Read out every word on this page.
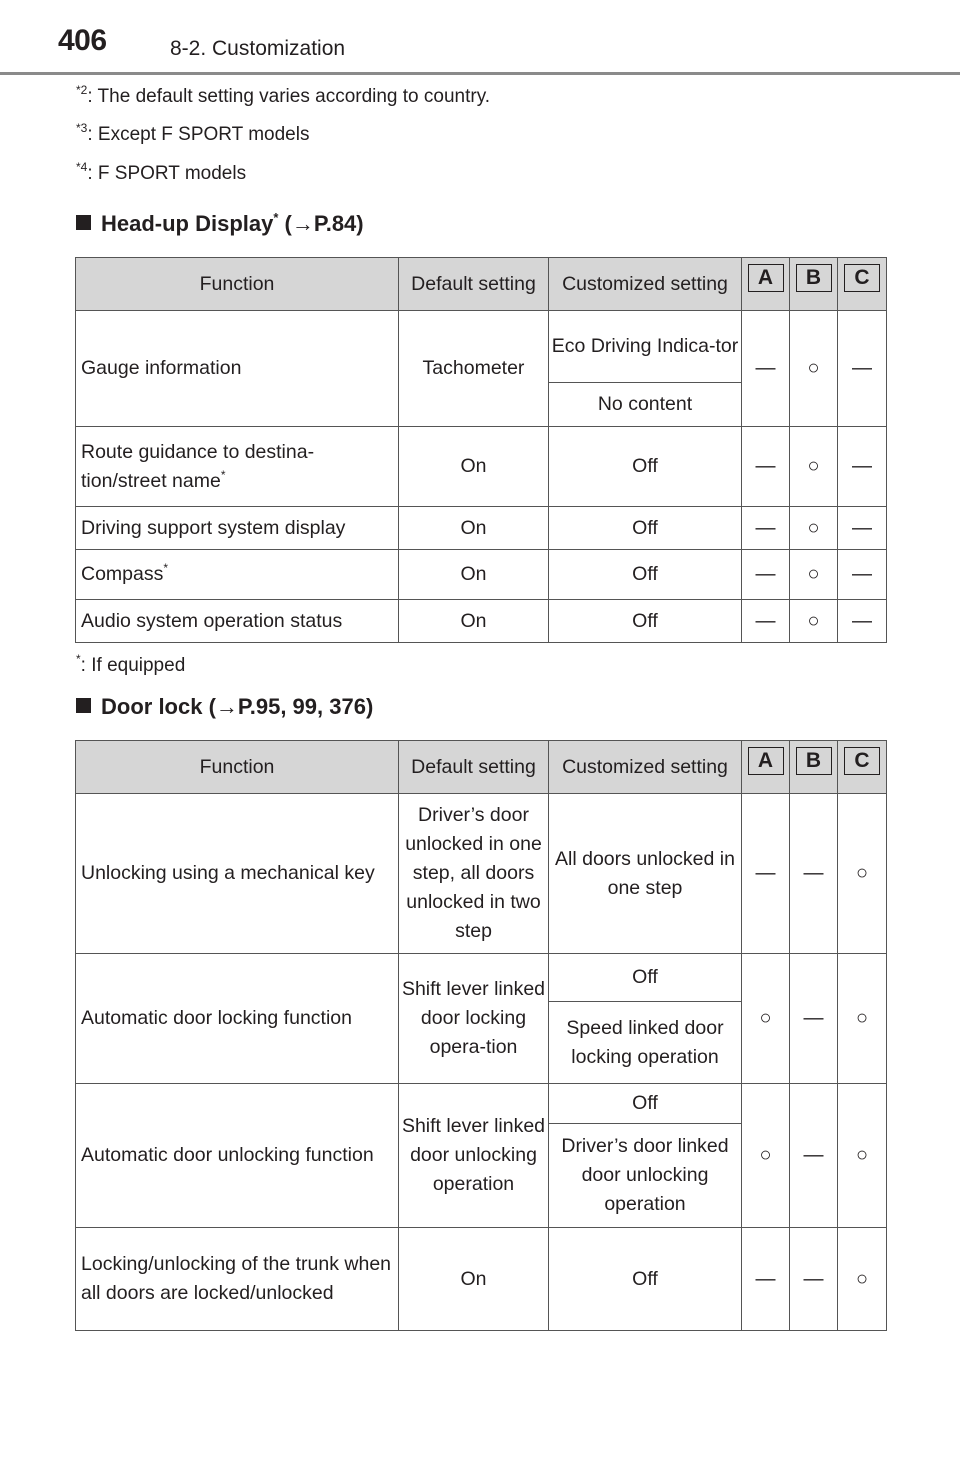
406	8-2. Customization
$^{*2}$: The default setting varies according to country.
$^{*3}$: Except F SPORT models
$^{*4}$: F SPORT models
Head-up Display* (→P.84)
Function	Default setting	Customized setting	A	B	C
Gauge information	Tachometer	Eco Driving Indica-tor	—	○	—
		No content			
Route guidance to destina-tion/street name*	On	Off	—	○	—
Driving support system display	On	Off	—	○	—
Compass*	On	Off	—	○	—
Audio system operation status	On	Off	—	○	—
*: If equipped
Door lock (→P.95, 99, 376)
Function	Default setting	Customized setting	A	B	C
Unlocking using a mechanical key	Driver’s door unlocked in one step, all doors unlocked in two step	All doors unlocked in one step	—	—	○
Automatic door locking function	Shift lever linked door locking opera-tion	Off	○	—	○
		Speed linked door locking operation			
Automatic door unlocking function	Shift lever linked door unlocking operation	Off	○	—	○
		Driver’s door linked door unlocking operation			
Locking/unlocking of the trunk when all doors are locked/unlocked	On	Off	—	—	○
